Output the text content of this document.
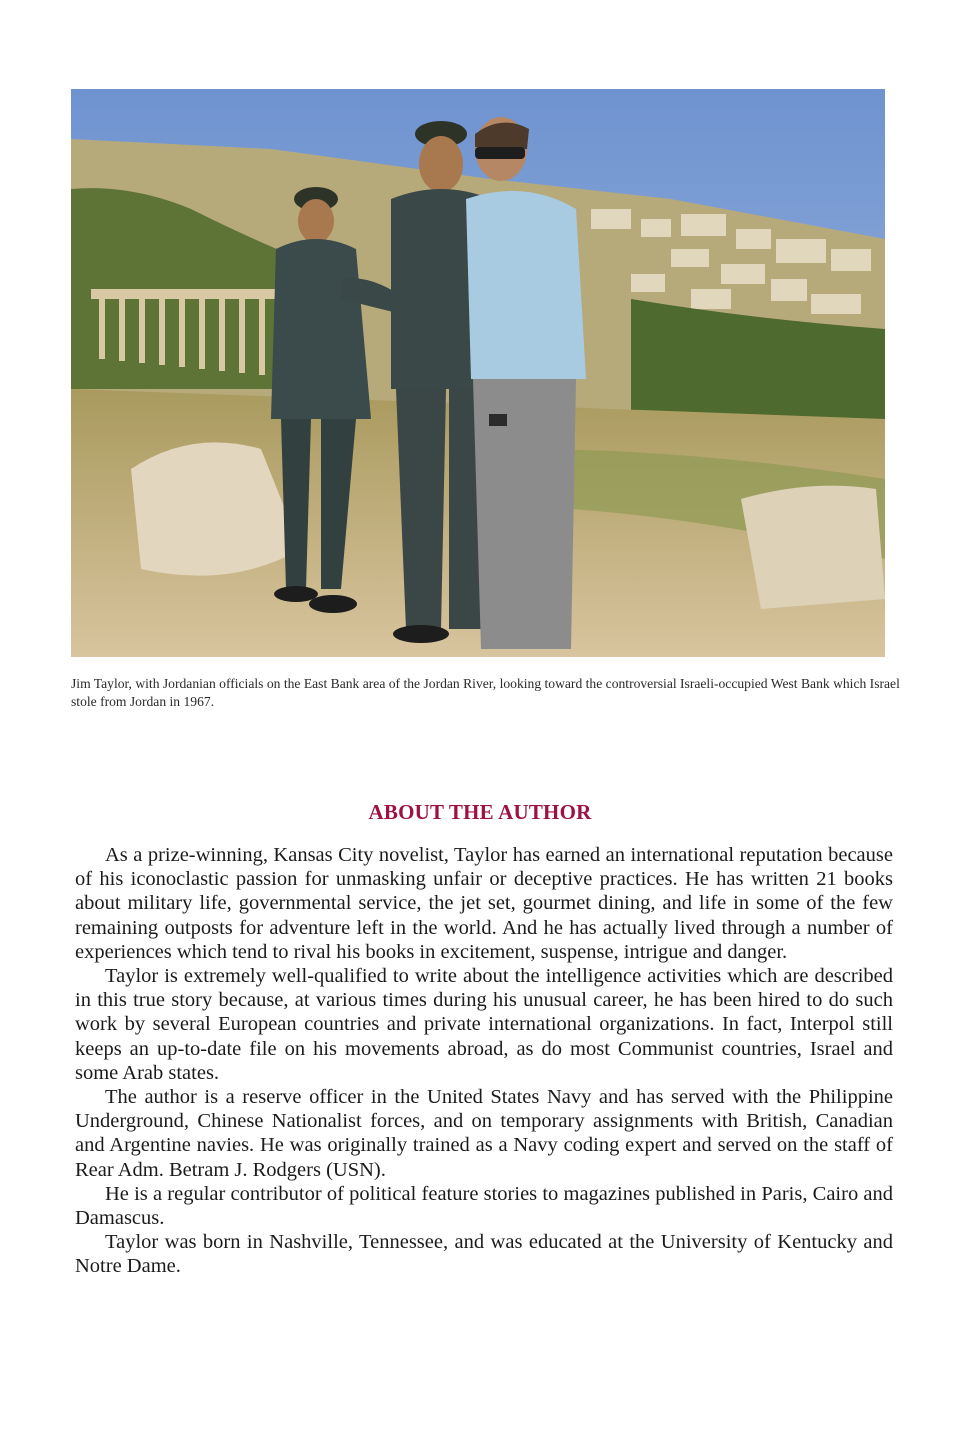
Jim Taylor, with Jordanian officials on the East Bank area of the Jordan River, looking toward the controversial Israeli-occupied West Bank which Israel stole from Jordan in 1967.
ABOUT THE AUTHOR

As a prize-winning, Kansas City novelist, Taylor has earned an international reputation because of his iconoclastic passion for unmasking unfair or deceptive practices. He has written 21 books about military life, governmental service, the jet set, gourmet dining, and life in some of the few remaining outposts for adventure left in the world. And he has actually lived through a number of experiences which tend to rival his books in excitement, suspense, intrigue and danger.

Taylor is extremely well-qualified to write about the intelligence activities which are described in this true story because, at various times during his unusual career, he has been hired to do such work by several European countries and private international organizations. In fact, Interpol still keeps an up-to-date file on his movements abroad, as do most Communist countries, Israel and some Arab states.

The author is a reserve officer in the United States Navy and has served with the Philippine Underground, Chinese Nationalist forces, and on temporary assignments with British, Canadian and Argentine navies. He was originally trained as a Navy coding expert and served on the staff of Rear Adm. Betram J. Rodgers (USN).

He is a regular contributor of political feature stories to magazines published in Paris, Cairo and Damascus.

Taylor was born in Nashville, Tennessee, and was educated at the University of Kentucky and Notre Dame.
